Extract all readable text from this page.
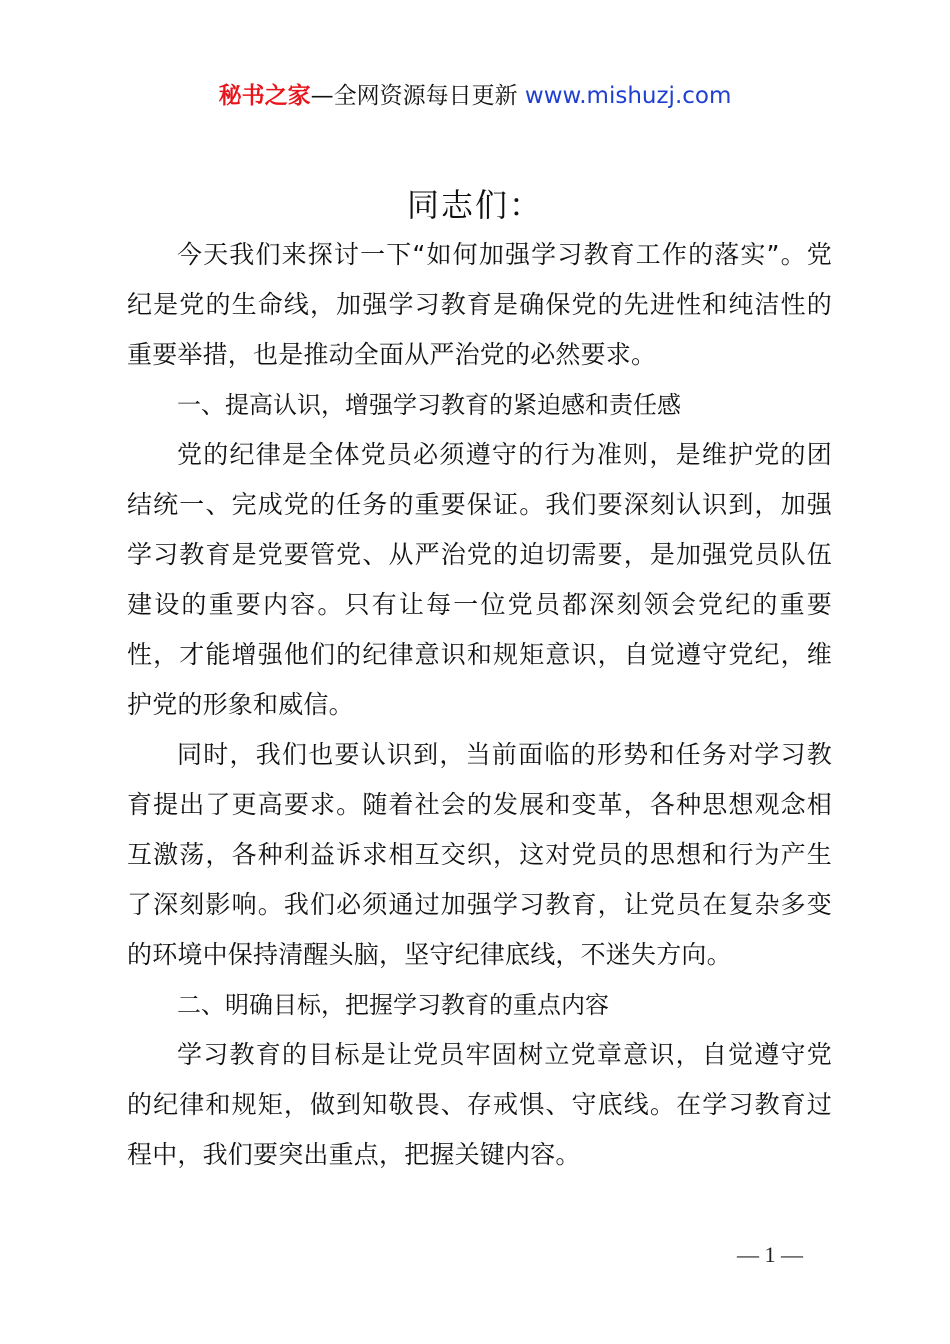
秘书之家—全网资源每日更新 www.mishuzj.com
同志们：

今天我们来探讨一下“如何加强学习教育工作的落实”。党纪是党的生命线，加强学习教育是确保党的先进性和纯洁性的重要举措，也是推动全面从严治党的必然要求。

一、提高认识，增强学习教育的紧迫感和责任感

党的纪律是全体党员必须遵守的行为准则，是维护党的团结统一、完成党的任务的重要保证。我们要深刻认识到，加强学习教育是党要管党、从严治党的迫切需要，是加强党员队伍建设的重要内容。只有让每一位党员都深刻领会党纪的重要性，才能增强他们的纪律意识和规矩意识，自觉遵守党纪，维护党的形象和威信。

同时，我们也要认识到，当前面临的形势和任务对学习教育提出了更高要求。随着社会的发展和变革，各种思想观念相互激荡，各种利益诉求相互交织，这对党员的思想和行为产生了深刻影响。我们必须通过加强学习教育，让党员在复杂多变的环境中保持清醒头脑，坚守纪律底线，不迷失方向。

二、明确目标，把握学习教育的重点内容

学习教育的目标是让党员牢固树立党章意识，自觉遵守党的纪律和规矩，做到知敬畏、存戒惧、守底线。在学习教育过程中，我们要突出重点，把握关键内容。

— 1 —
